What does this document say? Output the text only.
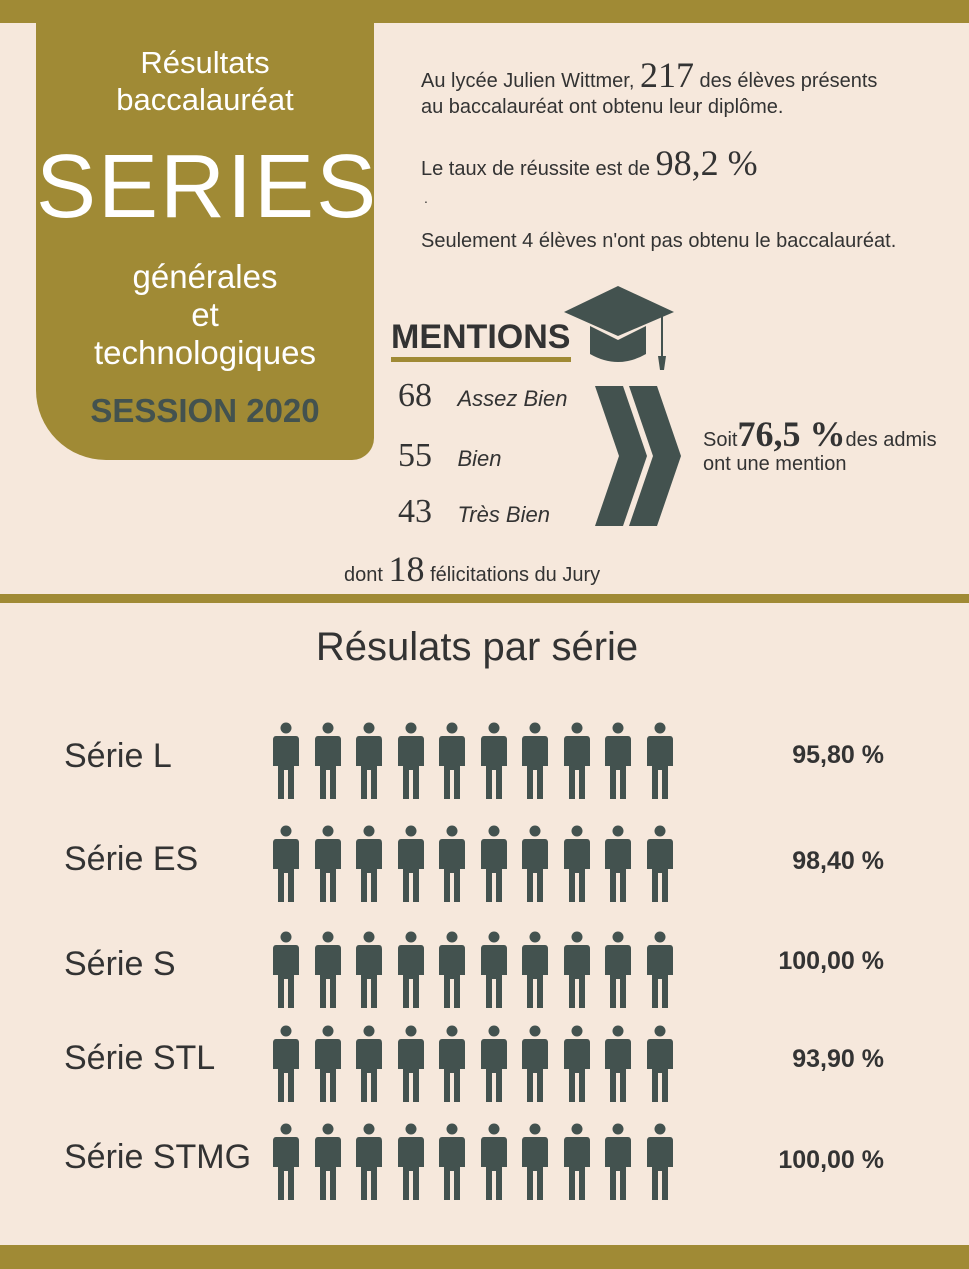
Résultats
baccalauréat
SERIES
générales
et
technologiques
SESSION 2020
Au lycée Julien Wittmer, 217 des élèves présents
au baccalauréat ont obtenu leur diplôme.
Le taux de réussite est de 98,2 %
.
Seulement 4 élèves n'ont pas obtenu le baccalauréat.
MENTIONS
68 Assez Bien
55 Bien
43 Très Bien
Soit76,5 %des admis
ont une mention
dont 18 félicitations du Jury
Résulats par série
Série L	95,80 %
Série ES	98,40 %
Série S	100,00 %
Série STL	93,90 %
Série STMG	100,00 %
